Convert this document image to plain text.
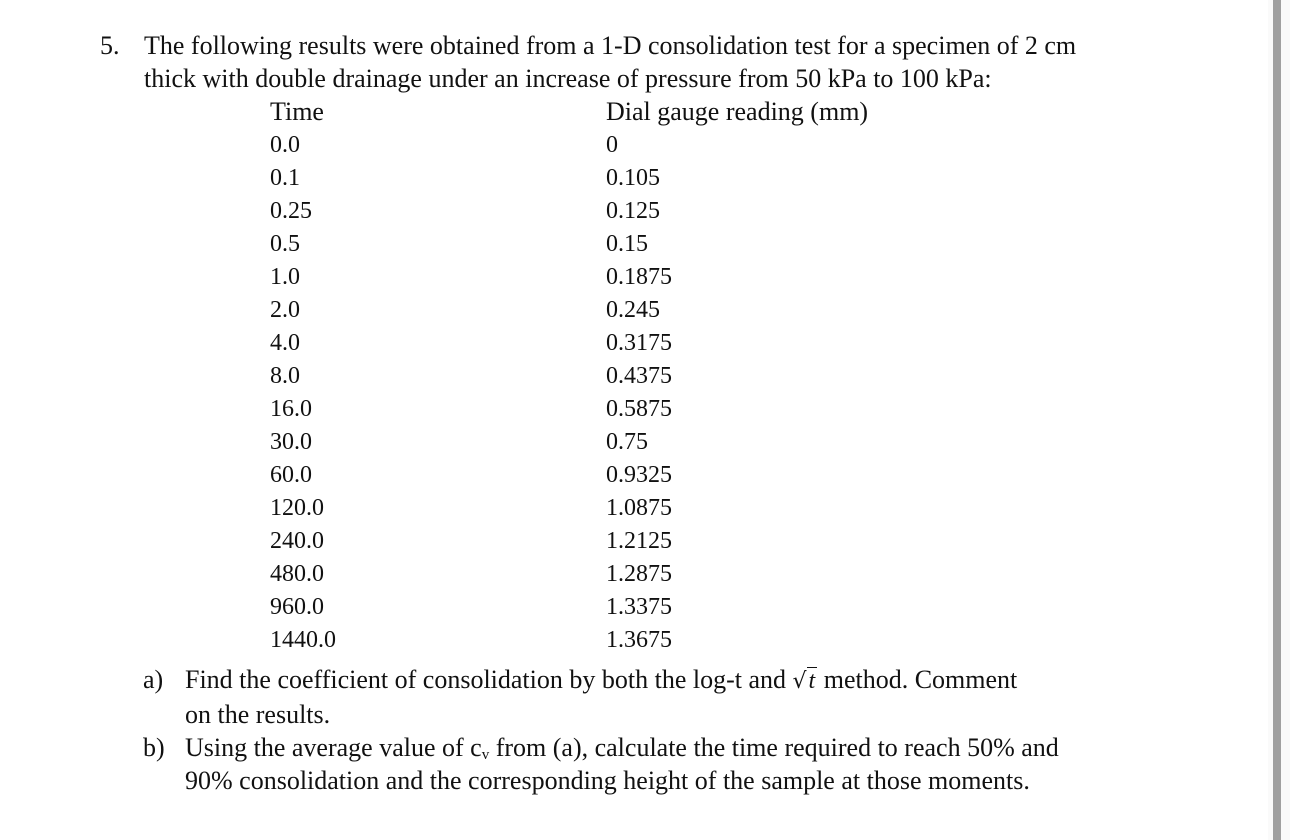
5. The following results were obtained from a 1-D consolidation test for a specimen of 2 cm
thick with double drainage under an increase of pressure from 50 kPa to 100 kPa:
Time	Dial gauge reading (mm)
0.0	0
0.1	0.105
0.25	0.125
0.5	0.15
1.0	0.1875
2.0	0.245
4.0	0.3175
8.0	0.4375
16.0	0.5875
30.0	0.75
60.0	0.9325
120.0	1.0875
240.0	1.2125
480.0	1.2875
960.0	1.3375
1440.0	1.3675
a) Find the coefficient of consolidation by both the log-t and √t method. Comment
on the results.
b) Using the average value of $c_v$ from (a), calculate the time required to reach 50% and
90% consolidation and the corresponding height of the sample at those moments.
